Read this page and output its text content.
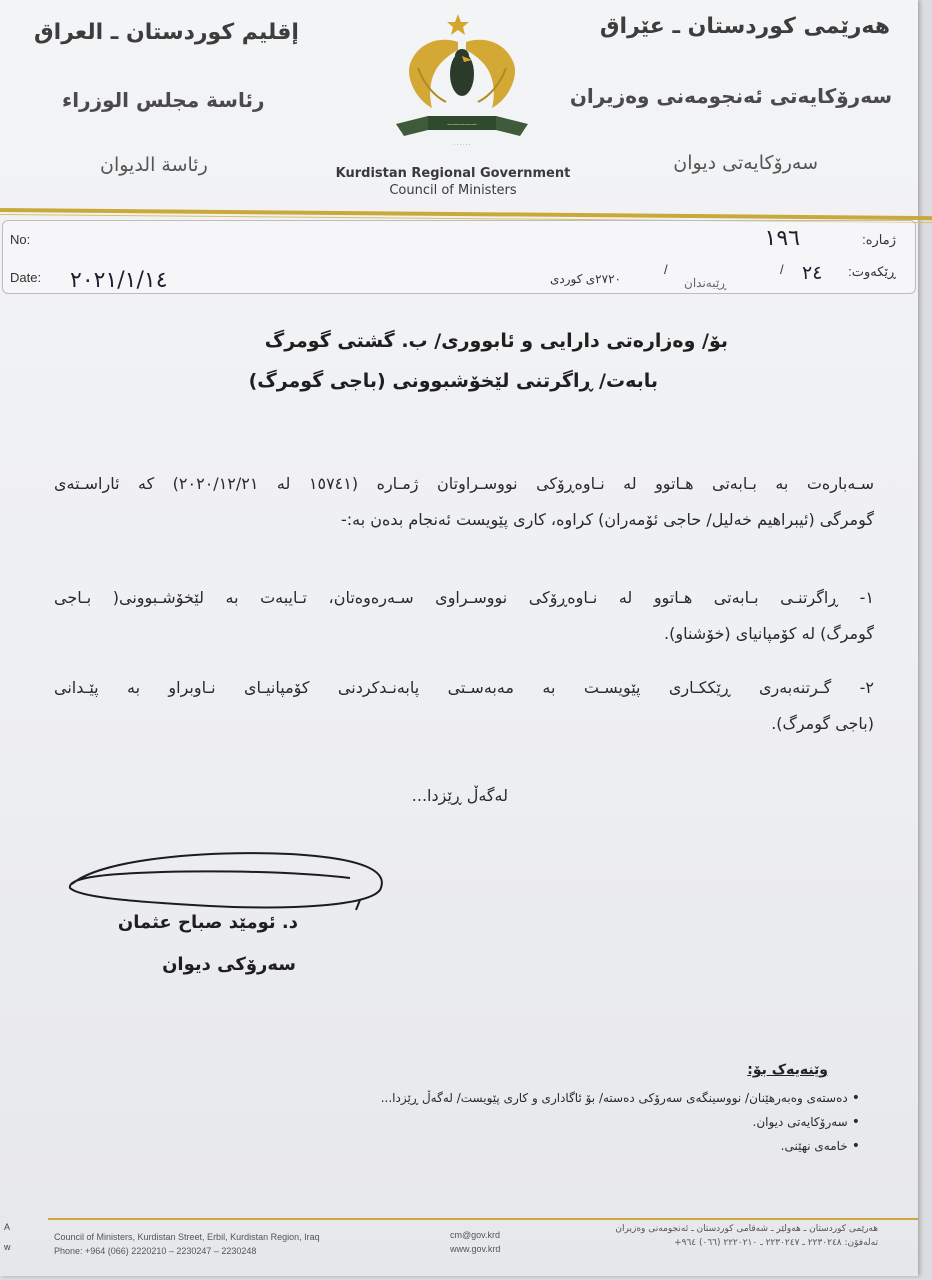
هەرێمی کوردستان ـ عێراق
سەرۆکایەتی ئەنجومەنی وەزیران
سەرۆکایەتی دیوان
إقليم كوردستان ـ العراق
رئاسة مجلس الوزراء
رئاسة الديوان
—————
· · · · · ·
Kurdistan Regional Government
Council of Ministers
No:
Date:
ژمارە:
ڕێکەوت:
١٩٦
٢٠٢١/١/١٤	٢٤
/
ڕێبەندان
/
٢٧٢٠ی کوردی
بۆ/ وەزارەتی دارایی و ئابووری/ ب. گشتی گومرگ
بابەت/ ڕاگرتنی لێخۆشبوونی (باجی گومرگ)
سـەبارەت بە بـابەتی هـاتوو لە نـاوەڕۆکی نووسـراوتان ژمـارە (١٥٧٤١ لە ٢٠٢٠/١٢/٢١) کە ئاراسـتەی
گومرگی (ئیبراهیم خەلیل/ حاجی ئۆمەران) کراوە، کاری پێویست ئەنجام بدەن بە:-
١- ڕاگرتنـی بـابەتی هـاتوو لە نـاوەڕۆکی نووسـراوی سـەرەوەتان، تـایبەت بە لێخۆشـبوونی( بـاجی
گومرگ) لە کۆمپانیای (خۆشناو).
٢- گـرتنەبەری ڕێککـاری پێویسـت بە مەبەسـتی پابەنـدکردنی کۆمپانیـای نـاوبراو بە پێـدانی
(باجی گومرگ).
لەگەڵ ڕێزدا...
د. ئومێد صباح عثمان
سەرۆکی دیوان
وێنەیەک بۆ:
• دەستەی وەبەرهێنان/ نووسینگەی سەرۆکی دەستە/ بۆ ئاگاداری و کاری پێویست/ لەگەڵ ڕێزدا...
• سەرۆکایەتی دیوان.
• خامەی نهێنی.
Council of Ministers, Kurdistan Street, Erbil, Kurdistan Region, Iraq
Phone: +964 (066) 2220210 – 2230247 – 2230248
cm@gov.krd
www.gov.krd
هەرێمی کوردستان ـ هەولێر ـ شەقامی کوردستان ـ ئەنجومەنی وەزیران
تەلەفۆن: ٢٢٣٠٢٤٨ ـ ٢٢٣٠٢٤٧ ـ ٢٢٢٠٢١٠ (٠٦٦) ٩٦٤+
A
w
